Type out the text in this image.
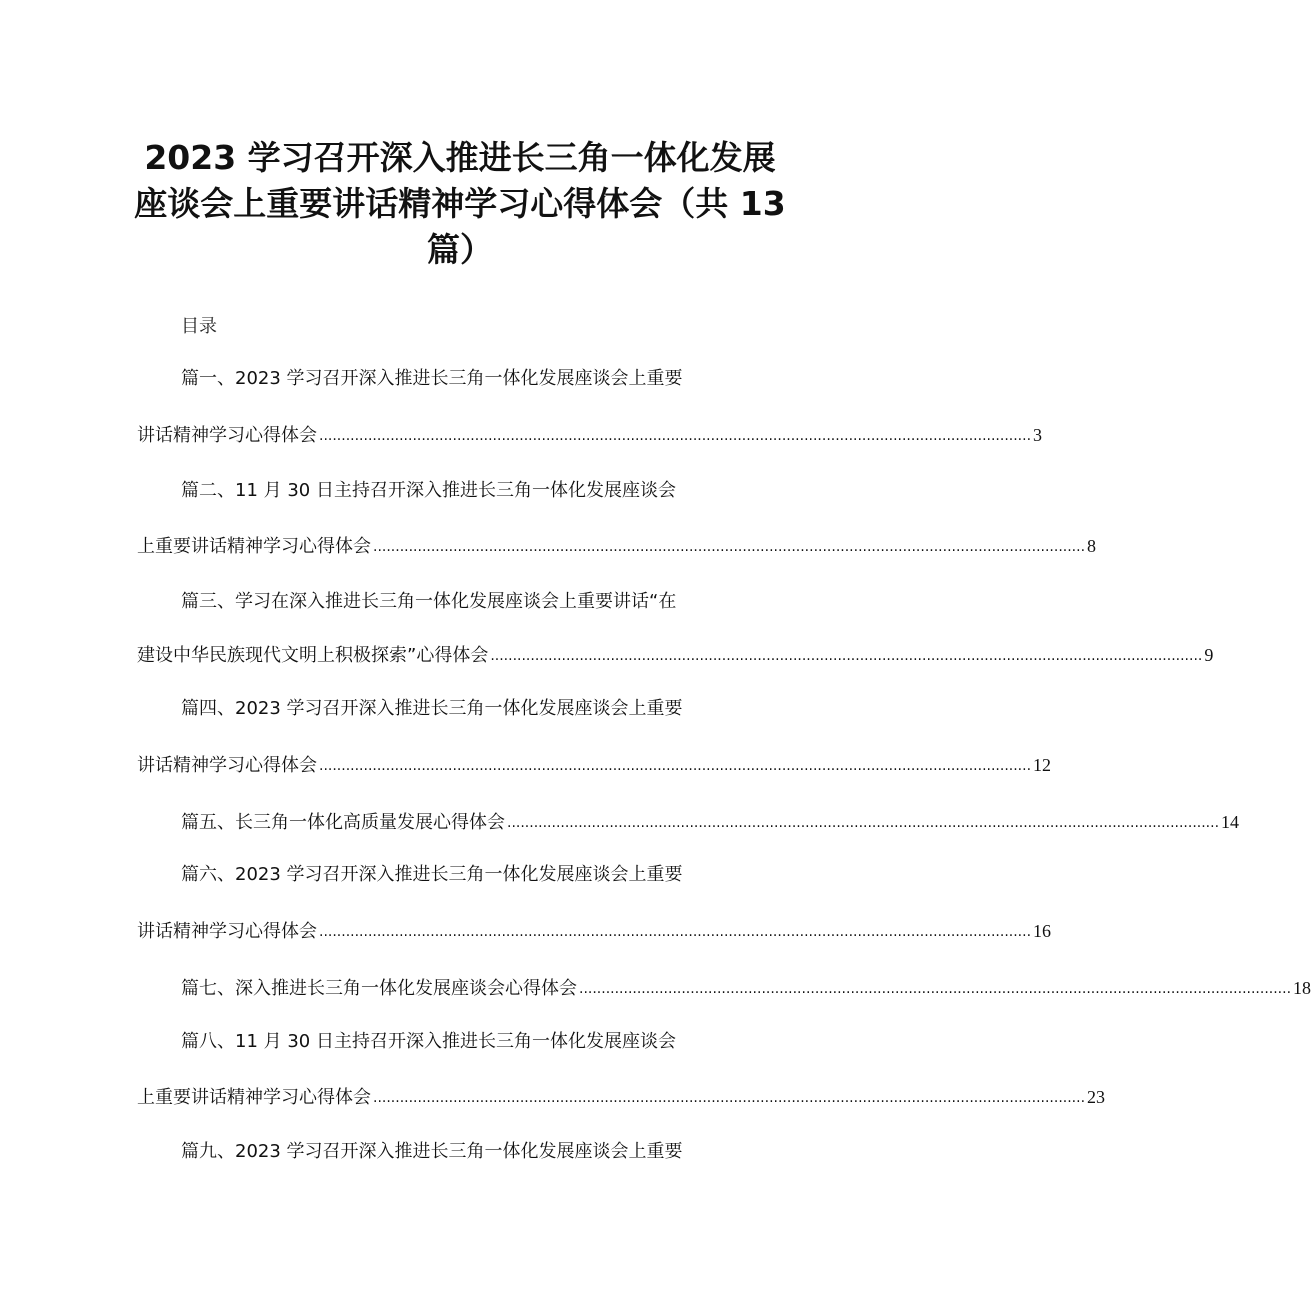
2023 学习召开深入推进长三角一体化发展
座谈会上重要讲话精神学习心得体会（共 13
篇）
目录
篇一、2023 学习召开深入推进长三角一体化发展座谈会上重要
讲话精神学习心得体会 ................................................................................................................................................................ 3
篇二、11 月 30 日主持召开深入推进长三角一体化发展座谈会
上重要讲话精神学习心得体会 ................................................................................................................................................................ 8
篇三、学习在深入推进长三角一体化发展座谈会上重要讲话“在
建设中华民族现代文明上积极探索”心得体会 ................................................................................................................................................................ 9
篇四、2023 学习召开深入推进长三角一体化发展座谈会上重要
讲话精神学习心得体会 ................................................................................................................................................................ 12
篇五、长三角一体化高质量发展心得体会 ................................................................................................................................................................ 14
篇六、2023 学习召开深入推进长三角一体化发展座谈会上重要
讲话精神学习心得体会 ................................................................................................................................................................ 16
篇七、深入推进长三角一体化发展座谈会心得体会 ................................................................................................................................................................ 18
篇八、11 月 30 日主持召开深入推进长三角一体化发展座谈会
上重要讲话精神学习心得体会 ................................................................................................................................................................ 23
篇九、2023 学习召开深入推进长三角一体化发展座谈会上重要
